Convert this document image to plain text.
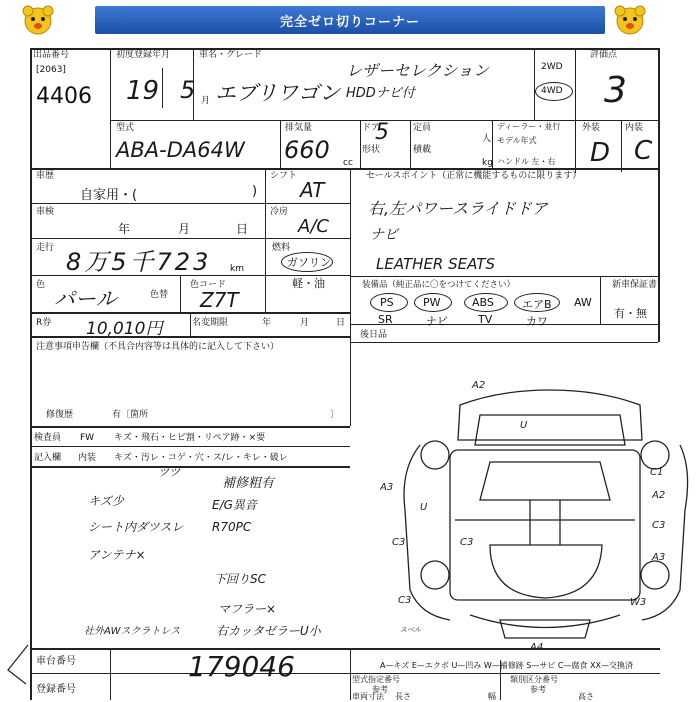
完全ゼロ切りコーナー
出品番号
[2063]
4406
初度登録年月
19 5 月
車名・グレード
エブリワゴン
レザーセレクション
HDDナビ付
2WD
4WD
評価点
3
型式
ABA-DA64W
排気量
660 cc
ドア
5
形状
定員
積載
人
kg
ディーラー・並行
モデル年式
ハンドル 左・右
外装	内装
D C
車歴
自家用・(	)
シフト
AT
車検
年	月	日
冷房
A/C
走行 8万5千723 km
燃料
ガソリン
軽・油
色
パール	色替
色コード
Z7T
R券 10,010円	名変期限	年	月	日
注意事項申告欄（不具合内容等は具体的に記入して下さい）
修復歴	有〔箇所	〕
セールスポイント（正常に機能するものに限ります）
右,左パワースライドドア
ナビ
LEATHER SEATS
装備品（純正品に〇をつけてください）	新車保証書
PS	PW	ABS	エアB AW
SR	ナビ	TV	カワ
有・無
後日品
検査員
記入欄
FW
内装
キズ・飛石・ヒビ割・リペア跡・×要
キズ・汚レ・コゲ・穴・ス/レ・キレ・破レ
ツツ
キズ少
シート内ダツスレ
アンテナ×
社外AWスクラトレス
補修粗有
E/G異音
R70PC
下回りSC
マフラー×
右カッタゼラーU小
車台番号	179046
登録番号
A—キズ E—エクボ U—凹み W—補修跡 S—サビ C—腐食 XX—交換済
型式指定番号
参考
類別区分番号
参考
車両寸法 長さ	幅	高さ
A2
U
A3
C1
A2
C3
A3
W3
C3
C3
A4
U
C3
スベル
